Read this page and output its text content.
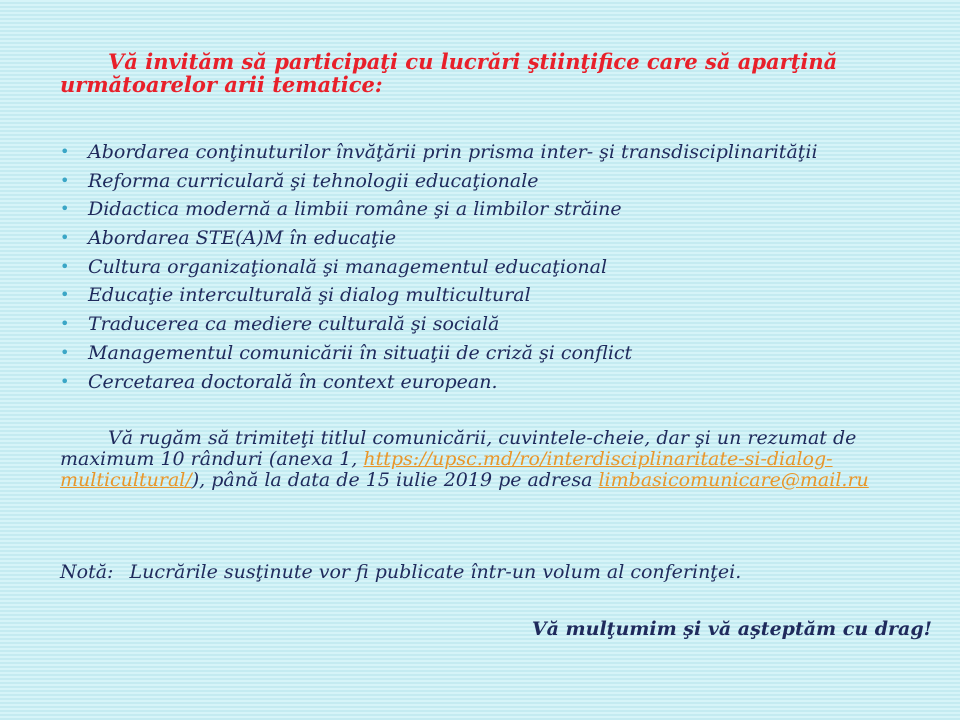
Vă invităm să participaţi cu lucrări ştiinţifice care să aparţină următoarelor arii tematice:

• Abordarea conţinuturilor învăţării prin prisma inter- şi transdisciplinarităţii
• Reforma curriculară şi tehnologii educaţionale
• Didactica modernă a limbii române şi a limbilor străine
• Abordarea STE(A)M în educaţie
• Cultura organizaţională şi managementul educaţional
• Educaţie interculturală şi dialog multicultural
• Traducerea ca mediere culturală şi socială
• Managementul comunicării în situaţii de criză şi conflict
• Cercetarea doctorală în context european.

Vă rugăm să trimiteţi titlul comunicării, cuvintele-cheie, dar şi un rezumat de maximum 10 rânduri (anexa 1, https://upsc.md/ro/interdisciplinaritate-si-dialog-multicultural/), până la data de 15 iulie 2019 pe adresa limbasicomunicare@mail.ru

Notă: Lucrările susţinute vor fi publicate într-un volum al conferinţei.

Vă mulţumim şi vă aşteptăm cu drag!
